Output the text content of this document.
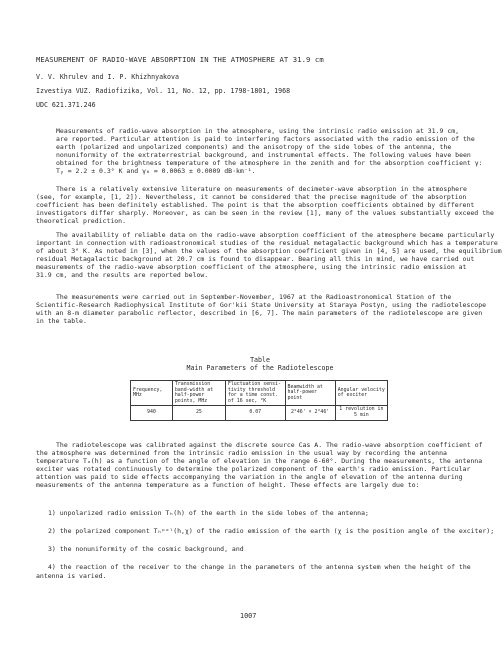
MEASUREMENT OF RADIO-WAVE ABSORPTION IN THE ATMOSPHERE AT 31.9 cm

V. V. Khrulev and I. P. Khizhnyakova

Izvestiya VUZ. Radiofizika, Vol. 11, No. 12, pp. 1798-1801, 1968

UDC 621.371.246

Measurements of radio-wave absorption in the atmosphere, using the intrinsic radio emission at 31.9 cm,
are reported. Particular attention is paid to interfering factors associated with the radio emission of the
earth (polarized and unpolarized components) and the anisotropy of the side lobes of the antenna, the
nonuniformity of the extraterrestrial background, and instrumental effects. The following values have been
obtained for the brightness temperature of the atmosphere in the zenith and for the absorption coefficient γ:
Tᵧ = 2.2 ± 0.3° K and γ₀ = 0.0063 ± 0.0009 dB·km⁻¹.
There is a relatively extensive literature on measurements of decimeter-wave absorption in the atmosphere
(see, for example, [1, 2]). Nevertheless, it cannot be considered that the precise magnitude of the absorption
coefficient has been definitely established. The point is that the absorption coefficients obtained by different
investigators differ sharply. Moreover, as can be seen in the review [1], many of the values substantially exceed the
theoretical prediction.
The availability of reliable data on the radio-wave absorption coefficient of the atmosphere became particularly
important in connection with radioastronomical studies of the residual metagalactic background which has a temperature
of about 3° K. As noted in [3], when the values of the absorption coefficient given in [4, 5] are used, the equilibrium
residual Metagalactic background at 20.7 cm is found to disappear. Bearing all this in mind, we have carried out
measurements of the radio-wave absorption coefficient of the atmosphere, using the intrinsic radio emission at
31.9 cm, and the results are reported below.
The measurements were carried out in September-November, 1967 at the Radioastronomical Station of the
Scientific-Research Radiophysical Institute of Gor'kii State University at Staraya Postyn, using the radiotelescope
with an 8-m diameter parabolic reflector, described in [6, 7]. The main parameters of the radiotelescope are given
in the table.
Table
Main Parameters of the Radiotelescope
Frequency, MHz	Transmission band-width at half-power points, MHz	Fluctuation sensi-tivity threshold for a time const. of 16 sec, °K	Beamwidth at half-power point	Angular velocity of exciter
940	25	0.07	2°46' × 2°46'	1 revolution in 5 min
The radiotelescope was calibrated against the discrete source Cas A. The radio-wave absorption coefficient of
the atmosphere was determined from the intrinsic radio emission in the usual way by recording the antenna
temperature Tₐ(h) as a function of the angle of elevation in the range 6-60°. During the measurements, the antenna
exciter was rotated continuously to determine the polarized component of the earth's radio emission. Particular
attention was paid to side effects accompanying the variation in the angle of elevation of the antenna during
measurements of the antenna temperature as a function of height. These effects are largely due to:

1) unpolarized radio emission Tₕ(h) of the earth in the side lobes of the antenna;

2) the polarized component Tₕᵖᵒˡ(h,χ) of the radio emission of the earth (χ is the position angle of the exciter);

3) the nonuniformity of the cosmic background, and

4) the reaction of the receiver to the change in the parameters of the antenna system when the height of the

antenna is varied.

1007
